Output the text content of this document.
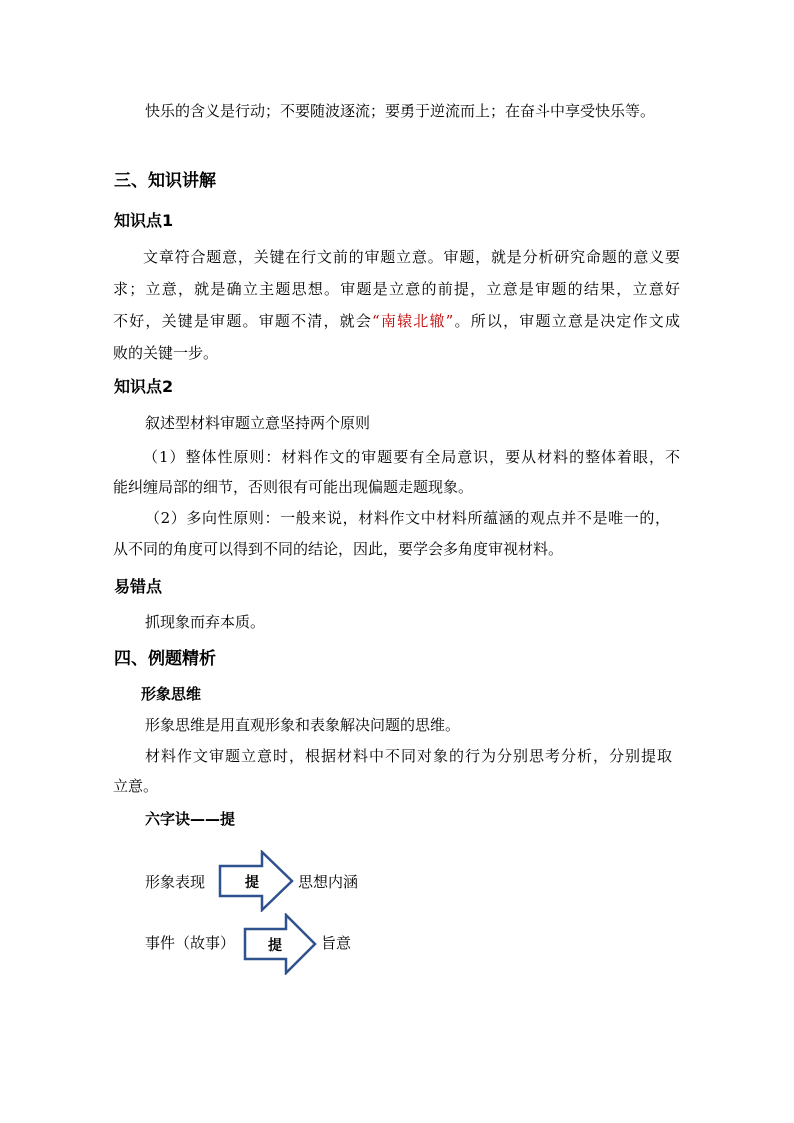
快乐的含义是行动；不要随波逐流；要勇于逆流而上；在奋斗中享受快乐等。
三、知识讲解
知识点1
文章符合题意，关键在行文前的审题立意。审题，就是分析研究命题的意义要
求；立意，就是确立主题思想。审题是立意的前提，立意是审题的结果，立意好
不好，关键是审题。审题不清，就会“南辕北辙”。所以，审题立意是决定作文成
败的关键一步。
知识点2
叙述型材料审题立意坚持两个原则
（1）整体性原则：材料作文的审题要有全局意识，要从材料的整体着眼，不
能纠缠局部的细节，否则很有可能出现偏题走题现象。
（2）多向性原则：一般来说，材料作文中材料所蕴涵的观点并不是唯一的，
从不同的角度可以得到不同的结论，因此，要学会多角度审视材料。
易错点
抓现象而弃本质。
四、例题精析
形象思维
形象思维是用直观形象和表象解决问题的思维。
材料作文审题立意时，根据材料中不同对象的行为分别思考分析，分别提取
立意。
六字诀——提
形象表现	提	思想内涵
事件（故事） 提	旨意
